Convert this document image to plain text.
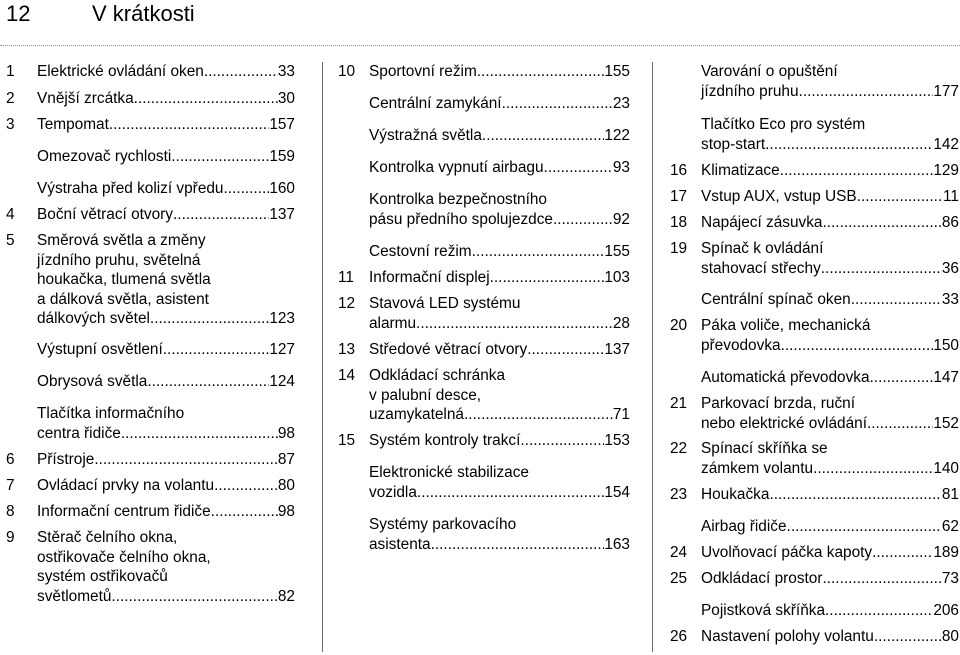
12	V krátkosti
1 Elektrické ovládání oken .....	33
2 Vnější zrcátka .....	30
3 Tempomat .....	157
Omezovač rychlosti .....	159
Výstraha před kolizí vpředu .....	160
4 Boční větrací otvory .....	137
5 Směrová světla a změny
jízdního pruhu, světelná
houkačka, tlumená světla
a dálková světla, asistent
dálkových světel .....	123
Výstupní osvětlení .....	127
Obrysová světla .....	124
Tlačítka informačního
centra řidiče .....	98
6 Přístroje .....	87
7 Ovládací prvky na volantu .....	80
8 Informační centrum řidiče .....	98
9 Stěrač čelního okna,
ostřikovače čelního okna,
systém ostřikovačů
světlometů .....	82
10 Sportovní režim .....	155
Centrální zamykání .....	23
Výstražná světla .....	122
Kontrolka vypnutí airbagu .....	93
Kontrolka bezpečnostního
pásu předního spolujezdce .....	92
Cestovní režim .....	155
11 Informační displej .....	103
12 Stavová LED systému
alarmu .....	28
13 Středové větrací otvory .....	137
14 Odkládací schránka
v palubní desce,
uzamykatelná .....	71
15 Systém kontroly trakcí .....	153
Elektronické stabilizace
vozidla .....	154
Systémy parkovacího
asistenta .....	163
Varování o opuštění
jízdního pruhu .....	177
Tlačítko Eco pro systém
stop-start .....	142
16 Klimatizace .....	129
17 Vstup AUX, vstup USB .....	11
18 Napájecí zásuvka .....	86
19 Spínač k ovládání
stahovací střechy .....	36
Centrální spínač oken .....	33
20 Páka voliče, mechanická
převodovka .....	150
Automatická převodovka .....	147
21 Parkovací brzda, ruční
nebo elektrické ovládání .....	152
22 Spínací skříňka se
zámkem volantu .....	140
23 Houkačka .....	81
Airbag řidiče .....	62
24 Uvolňovací páčka kapoty .....	189
25 Odkládací prostor .....	73
Pojistková skříňka .....	206
26 Nastavení polohy volantu .....	80
